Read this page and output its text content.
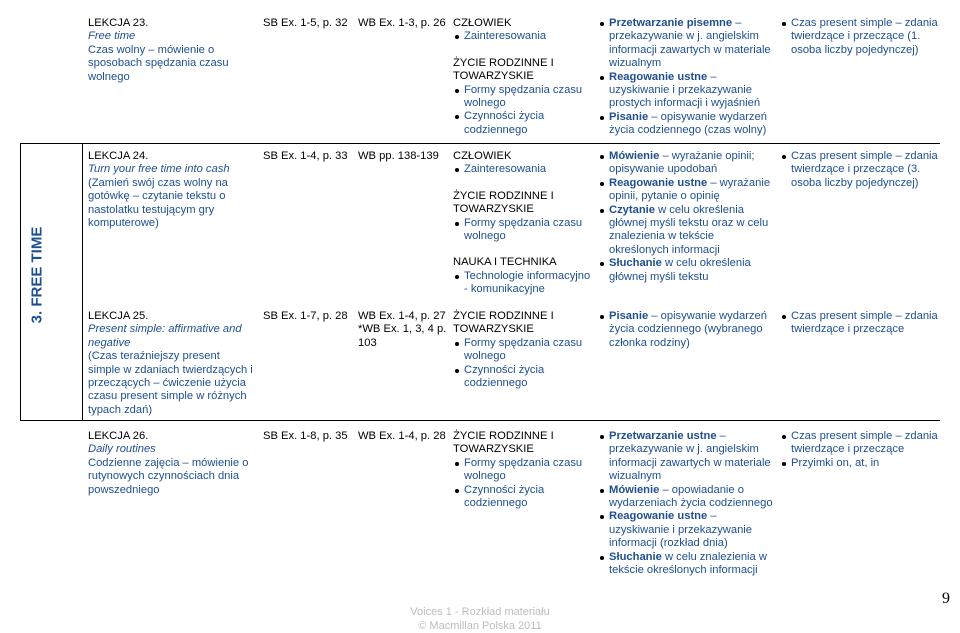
3. FREE TIME
LEKCJA 23.
Free time
Czas wolny – mówienie o sposobach spędzania czasu wolnego
SB Ex. 1-5, p. 32 WB Ex. 1-3, p. 26 CZŁOWIEK
Zainteresowania
ŻYCIE RODZINNE I TOWARZYSKIE
Formy spędzania czasu wolnego
Czynności życia codziennego
Przetwarzanie pisemne – przekazywanie w j. angielskim informacji zawartych w materiale wizualnym
Reagowanie ustne – uzyskiwanie i przekazywanie prostych informacji i wyjaśnień
Pisanie – opisywanie wydarzeń życia codziennego (czas wolny)
Czas present simple – zdania twierdzące i przeczące (1. osoba liczby pojedynczej)
LEKCJA 24.
Turn your free time into cash
(Zamień swój czas wolny na gotówkę – czytanie tekstu o nastolatku testującym gry komputerowe)
SB Ex. 1-4, p. 33 WB pp. 138-139	CZŁOWIEK
Zainteresowania
ŻYCIE RODZINNE I TOWARZYSKIE
Formy spędzania czasu wolnego
NAUKA I TECHNIKA
Technologie informacyjno - komunikacyjne
Mówienie – wyrażanie opinii; opisywanie upodobań
Reagowanie ustne – wyrażanie opinii, pytanie o opinię
Czytanie w celu określenia głównej myśli tekstu oraz w celu znalezienia w tekście określonych informacji
Słuchanie w celu określenia głównej myśli tekstu
Czas present simple – zdania twierdzące i przeczące (3. osoba liczby pojedynczej)
LEKCJA 25.
Present simple: affirmative and negative
(Czas teraźniejszy present simple w zdaniach twierdzących i przeczących – ćwiczenie użycia czasu present simple w różnych typach zdań)
SB Ex. 1-7, p. 28 WB Ex. 1-4, p. 27
*WB Ex. 1, 3, 4 p. 103
ŻYCIE RODZINNE I TOWARZYSKIE
Formy spędzania czasu wolnego
Czynności życia codziennego
Pisanie – opisywanie wydarzeń życia codziennego (wybranego członka rodziny)
Czas present simple – zdania twierdzące i przeczące
LEKCJA 26.
Daily routines
Codzienne zajęcia – mówienie o rutynowych czynnościach dnia powszedniego
SB Ex. 1-8, p. 35 WB Ex. 1-4, p. 28 ŻYCIE RODZINNE I TOWARZYSKIE
Formy spędzania czasu wolnego
Czynności życia codziennego
Przetwarzanie ustne – przekazywanie w j. angielskim informacji zawartych w materiale wizualnym
Mówienie – opowiadanie o wydarzeniach życia codziennego
Reagowanie ustne – uzyskiwanie i przekazywanie informacji (rozkład dnia)
Słuchanie w celu znalezienia w tekście określonych informacji
Czas present simple – zdania twierdzące i przeczące
Przyimki on, at, in
Voices 1 - Rozkład materiału
© Macmillan Polska 2011
9
